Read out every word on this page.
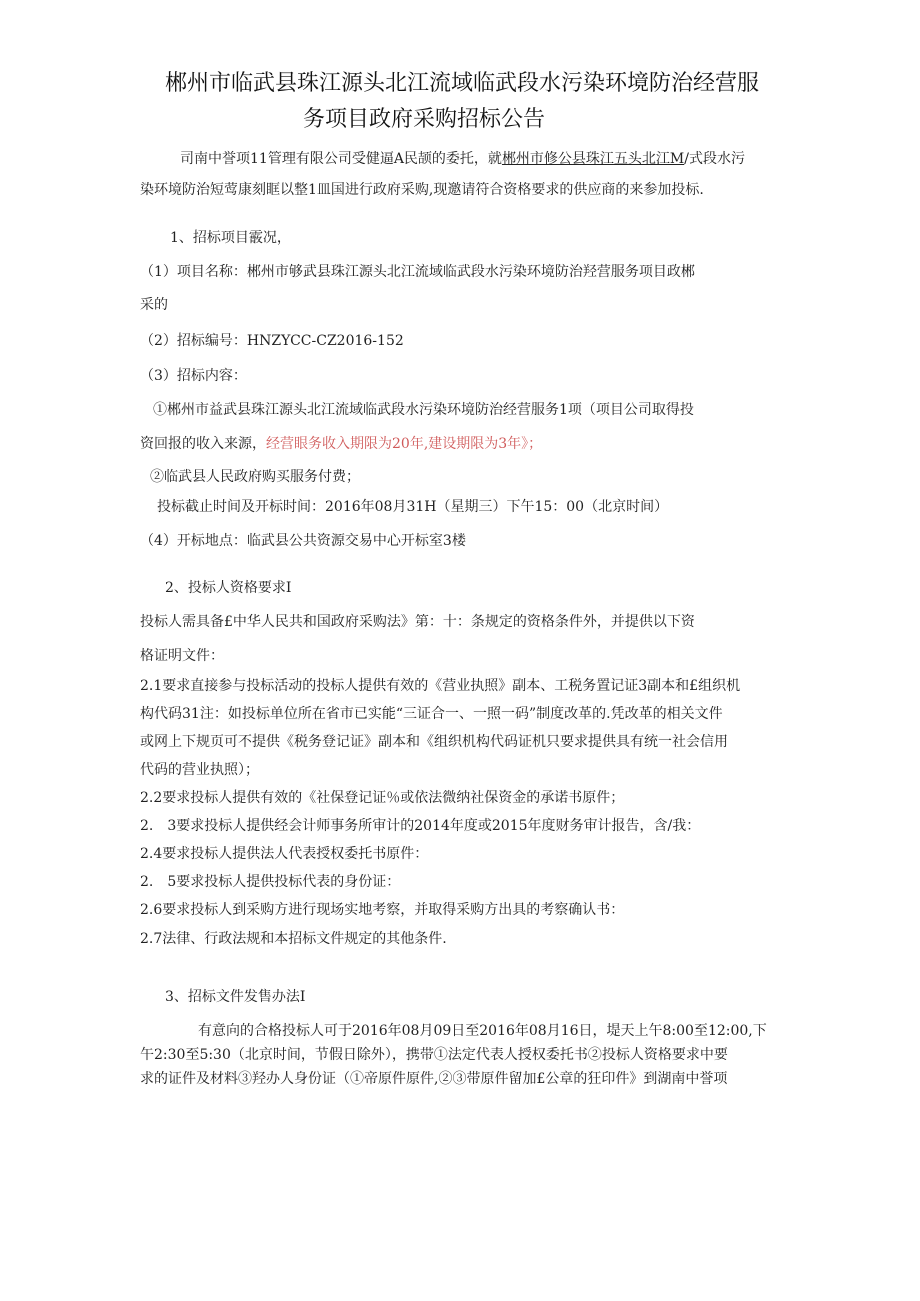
郴州市临武县珠江源头北江流域临武段水污染环境防治经营服
务项目政府采购招标公告
司南中誉项11管理有限公司受健逼A民颉的委托，就郴州市修公县珠江五头北江M/式段水污
染环境防治短莺康刻眶以整1皿国进行政府采购,现邀请符合资格要求的供应商的来参加投标.
1、招标项目霰况，
（1）项目名称：郴州市够武县珠江源头北江流域临武段水污染环境防治羟营服务项目政郴
采的
（2）招标编号：HNZYCC-CZ2016-152
（3）招标内容：
①郴州市益武县珠江源头北江流域临武段水污染环境防治经营服务1项（项目公司取得投
资回报的收入来源，经营眼务收入期限为20年,建设期限为3年》；
②临武县人民政府购买服务付费；
投标截止时间及开标时间：2016年08月31H（星期三）下午15：00（北京时间）
（4）开标地点：临武县公共资源交易中心开标室3楼
2、投标人资格要求I
投标人需具备£中华人民共和国政府采购法》第：十：条规定的资格条件外，并提供以下资
格证明文件：
2.1要求直接参与投标活动的投标人提供有效的《营业执照》副本、工税务置记证3副本和£组织机
构代码31注：如投标单位所在省市已实能“三证合一、一照一码”制度改革的.凭改革的相关文件
或网上下规页可不提供《税务登记证》副本和《组织机构代码证机只要求提供具有统一社会信用
代码的营业执照）；
2.2要求投标人提供有效的《社保登记证％或依法微纳社保资金的承诺书原件；
2.　3要求投标人提供经会计师事务所审计的2014年度或2015年度财务审计报告，含/我：
2.4要求投标人提供法人代表授权委托书原件：
2.　5要求投标人提供投标代表的身份证：
2.6要求投标人到采购方进行现场实地考察，并取得采购方出具的考察确认书：
2.7法律、行政法规和本招标文件规定的其他条件.
3、招标文件发售办法I
有意向的合格投标人可于2016年08月09日至2016年08月16日，堤天上午8:00至12:00,下
午2:30至5:30（北京时间，节假日除外），携带①法定代表人授权委托书②投标人资格要求中要
求的证件及材料③羟办人身份证（①帝原件原件,②③带原件留加£公章的狂印件》到湖南中誉项
